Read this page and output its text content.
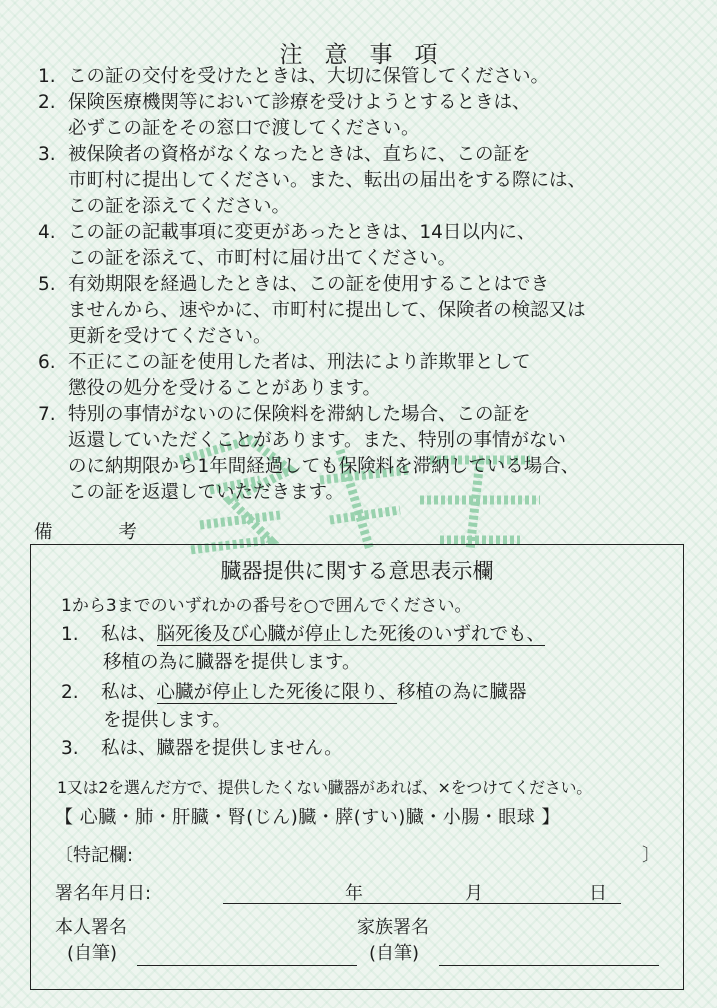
注意事項
1. この証の交付を受けたときは、大切に保管してください。
2. 保険医療機関等において診療を受けようとするときは、
必ずこの証をその窓口で渡してください。
3. 被保険者の資格がなくなったときは、直ちに、この証を
市町村に提出してください。また、転出の届出をする際には、
この証を添えてください。
4. この証の記載事項に変更があったときは、14日以内に、
この証を添えて、市町村に届け出てください。
5. 有効期限を経過したときは、この証を使用することはでき
ませんから、速やかに、市町村に提出して、保険者の検認又は
更新を受けてください。
6. 不正にこの証を使用した者は、刑法により詐欺罪として
懲役の処分を受けることがあります。
7. 特別の事情がないのに保険料を滞納した場合、この証を
返還していただくことがあります。また、特別の事情がない
のに納期限から1年間経過しても保険料を滞納している場合、
この証を返還していただきます。
備 考
臓器提供に関する意思表示欄
1から3までのいずれかの番号を○で囲んでください。
1. 私は、脳死後及び心臓が停止した死後のいずれでも、
移植の為に臓器を提供します。
2. 私は、心臓が停止した死後に限り、移植の為に臓器
を提供します。
3. 私は、臓器を提供しません。
1又は2を選んだ方で、提供したくない臓器があれば、×をつけてください。
【 心臓・肺・肝臓・腎(じん)臓・膵(すい)臓・小腸・眼球 】
〔特記欄:	〕
署名年月日:	年	月	日
本人署名
(自筆)
家族署名
(自筆)
